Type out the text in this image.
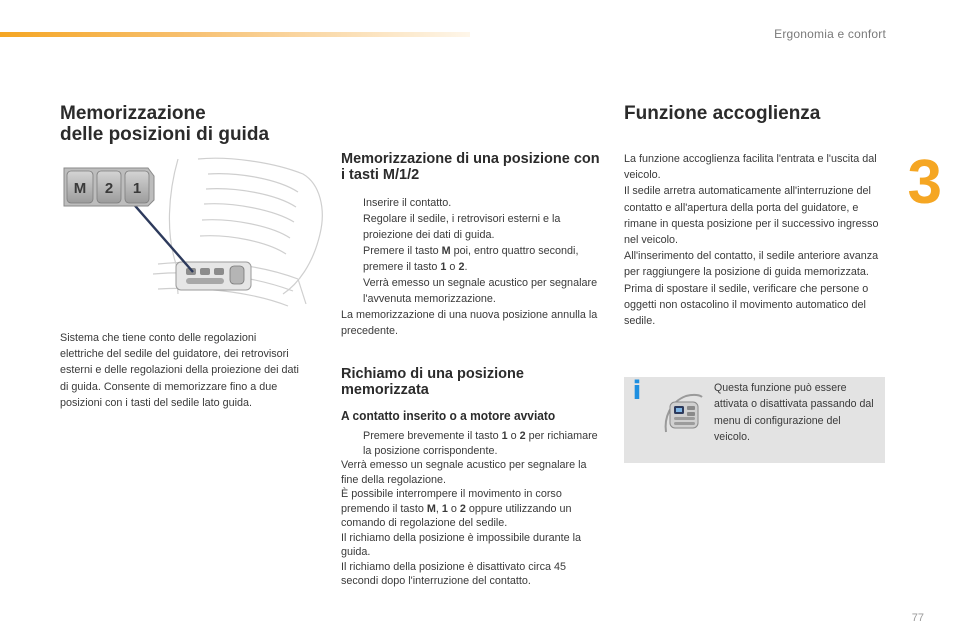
Ergonomia e confort
3
Memorizzazione
delle posizioni di guida
M 2 1

Sistema che tiene conto delle regolazioni elettriche del sedile del guidatore, dei retrovisori esterni e delle regolazioni della proiezione dei dati di guida. Consente di memorizzare fino a due posizioni con i tasti del sedile lato guida.

Memorizzazione di una posizione con i tasti M/1/2
Inserire il contatto.
Regolare il sedile, i retrovisori esterni e la proiezione dei dati di guida.
Premere il tasto M poi, entro quattro secondi, premere il tasto 1 o 2.
Verrà emesso un segnale acustico per segnalare l'avvenuta memorizzazione.

La memorizzazione di una nuova posizione annulla la precedente.

Richiamo di una posizione memorizzata
A contatto inserito o a motore avviato
Premere brevemente il tasto 1 o 2 per richiamare la posizione corrispondente.
Verrà emesso un segnale acustico per segnalare la fine della regolazione.
È possibile interrompere il movimento in corso premendo il tasto M, 1 o 2 oppure utilizzando un comando di regolazione del sedile.
Il richiamo della posizione è impossibile durante la guida.
Il richiamo della posizione è disattivato circa 45 secondi dopo l'interruzione del contatto.
Funzione accoglienza

La funzione accoglienza facilita l'entrata e l'uscita dal veicolo.

Il sedile arretra automaticamente all'interruzione del contatto e all'apertura della porta del guidatore, e rimane in questa posizione per il successivo ingresso nel veicolo.

All'inserimento del contatto, il sedile anteriore avanza per raggiungere la posizione di guida memorizzata.

Prima di spostare il sedile, verificare che persone o oggetti non ostacolino il movimento automatico del sedile.

i	Questa funzione può essere attivata o disattivata passando dal menu di configurazione del veicolo.
77
